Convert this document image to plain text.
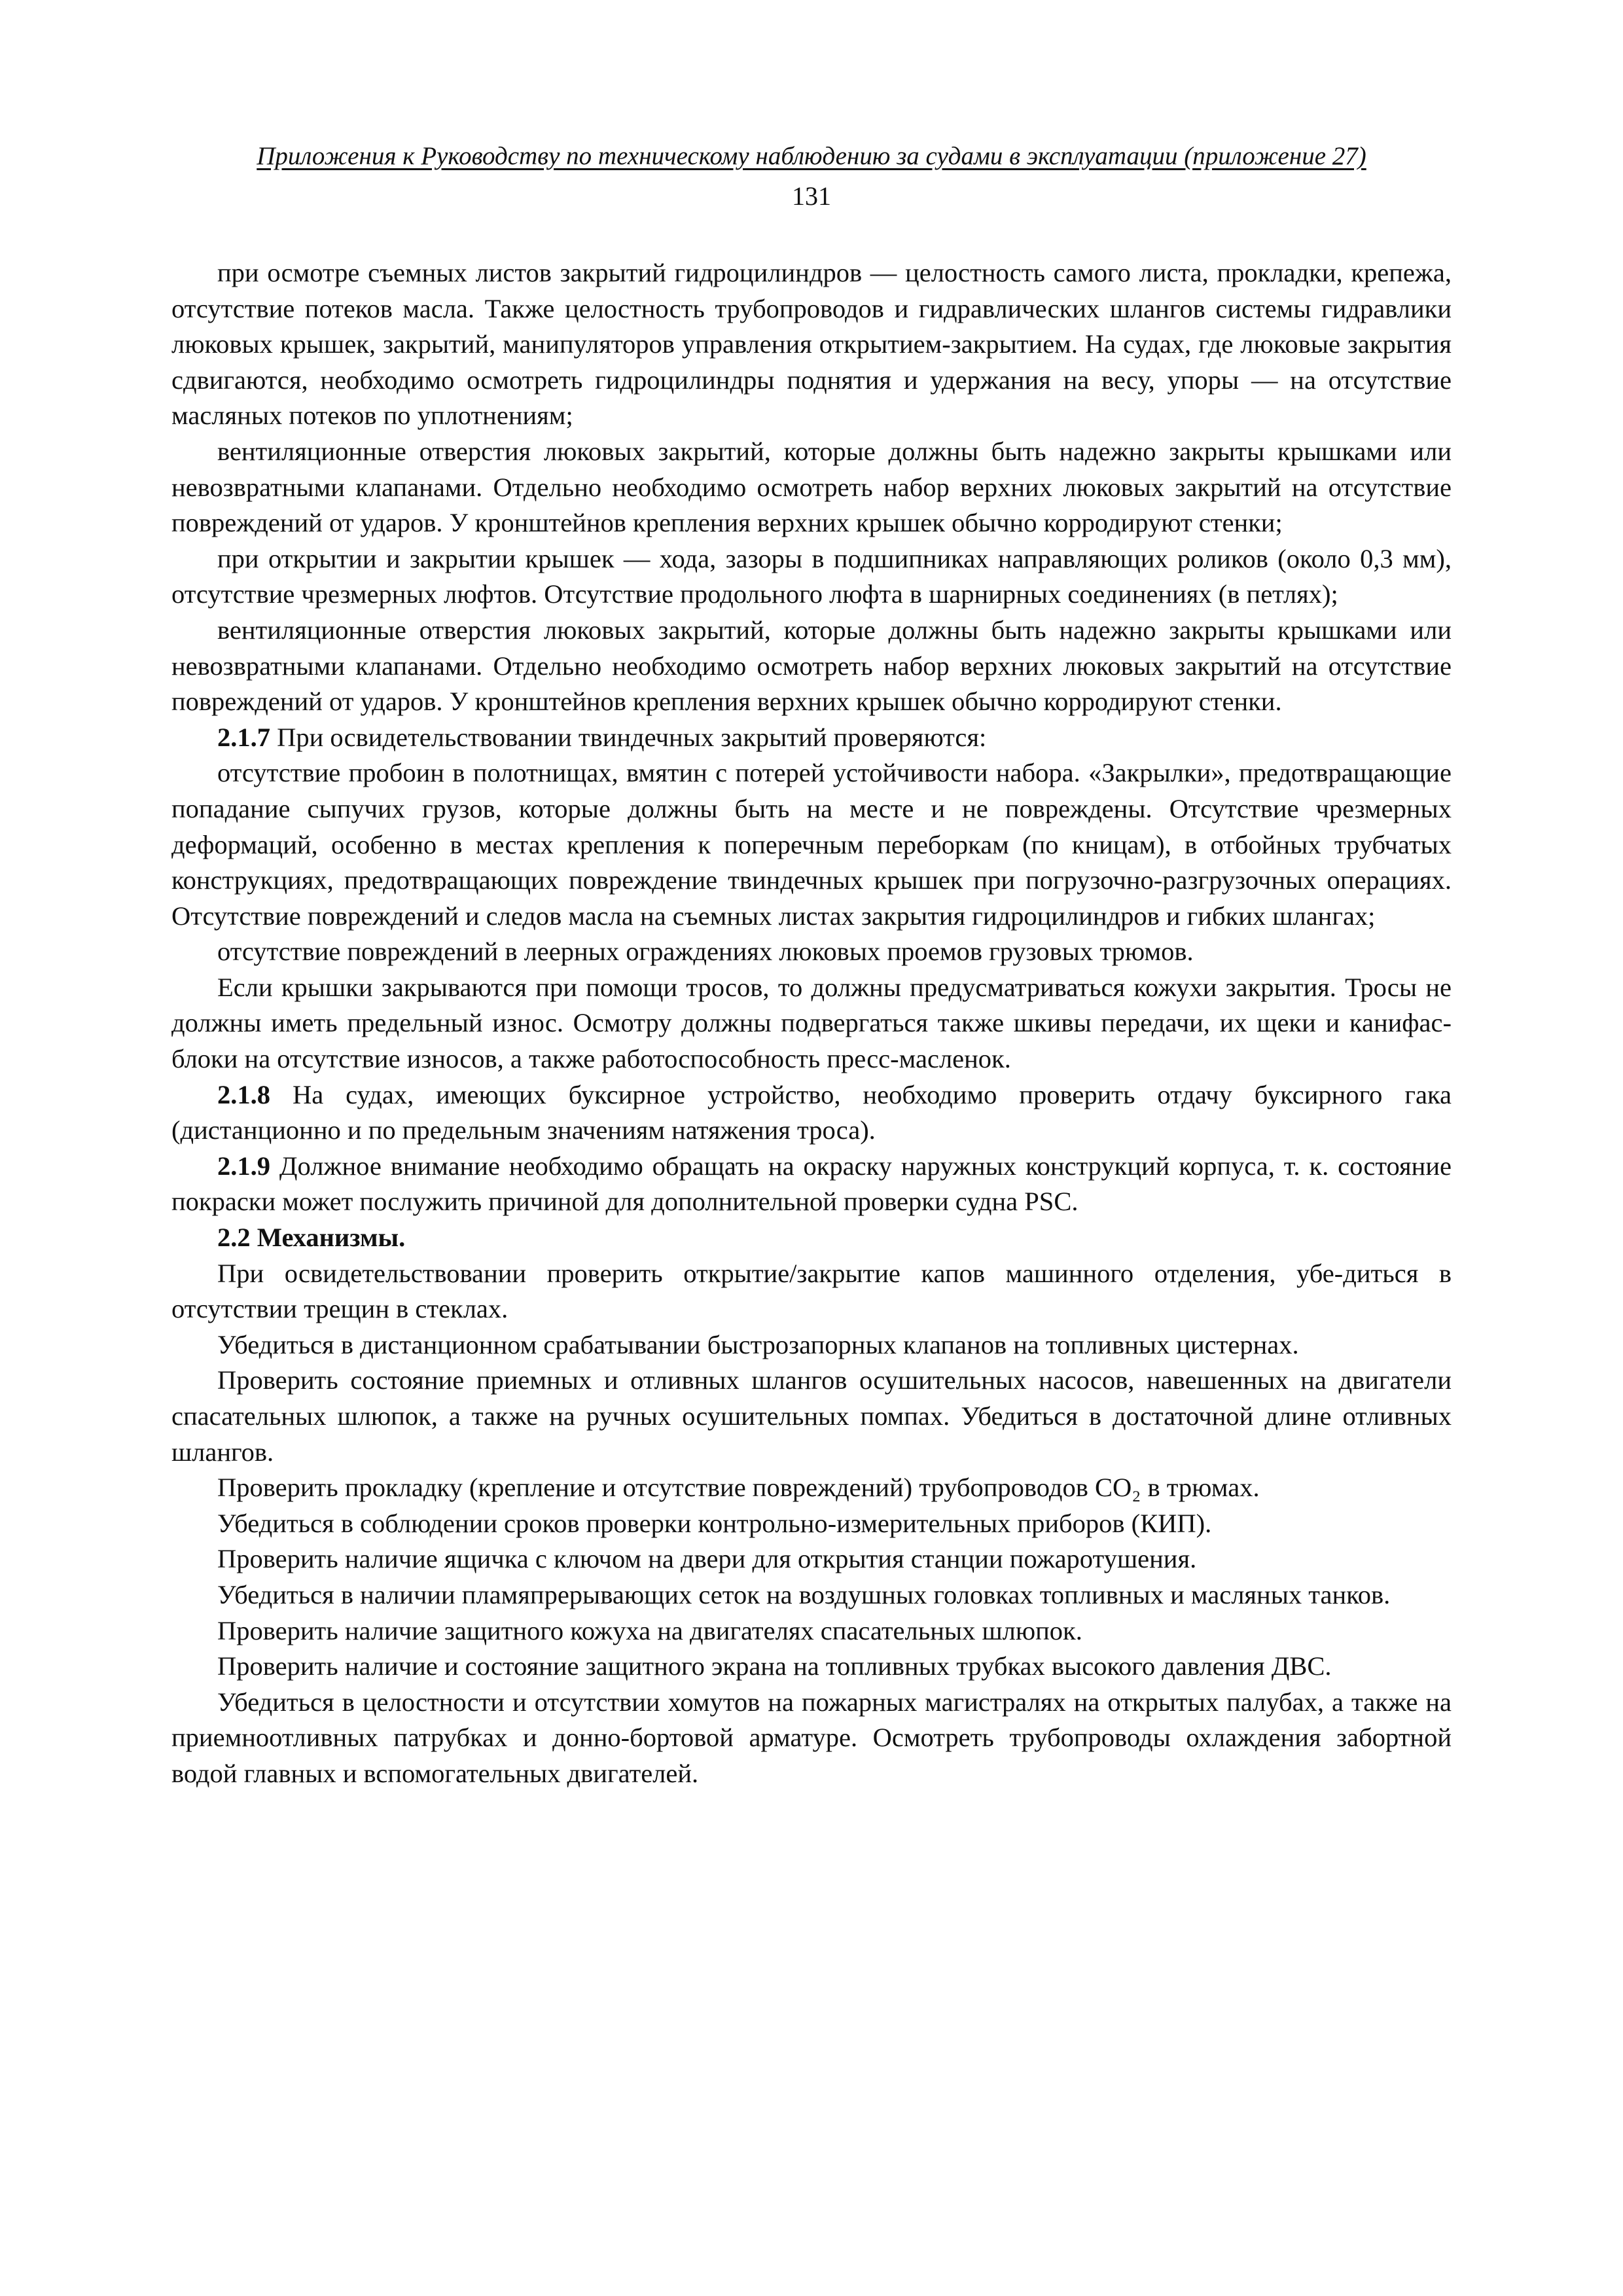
Приложения к Руководству по техническому наблюдению за судами в эксплуатации (приложение 27)
131

при осмотре съемных листов закрытий гидроцилиндров — целостность самого листа, прокладки, крепежа, отсутствие потеков масла. Также целостность трубопроводов и гидравлических шлангов системы гидравлики люковых крышек, закрытий, манипуляторов управления открытием-закрытием. На судах, где люковые закрытия сдвигаются, необходимо осмотреть гидроцилиндры поднятия и удержания на весу, упоры — на отсутствие масляных потеков по уплотнениям;

вентиляционные отверстия люковых закрытий, которые должны быть надежно закрыты крышками или невозвратными клапанами. Отдельно необходимо осмотреть набор верхних люковых закрытий на отсутствие повреждений от ударов. У кронштейнов крепления верхних крышек обычно корродируют стенки;

при открытии и закрытии крышек — хода, зазоры в подшипниках направляющих роликов (около 0,3 мм), отсутствие чрезмерных люфтов. Отсутствие продольного люфта в шарнирных соединениях (в петлях);

вентиляционные отверстия люковых закрытий, которые должны быть надежно закрыты крышками или невозвратными клапанами. Отдельно необходимо осмотреть набор верхних люковых закрытий на отсутствие повреждений от ударов. У кронштейнов крепления верхних крышек обычно корродируют стенки.

2.1.7 При освидетельствовании твиндечных закрытий проверяются:

отсутствие пробоин в полотнищах, вмятин с потерей устойчивости набора. «Закрылки», предотвращающие попадание сыпучих грузов, которые должны быть на месте и не повреждены. Отсутствие чрезмерных деформаций, особенно в местах крепления к поперечным переборкам (по кницам), в отбойных трубчатых конструкциях, предотвращающих повреждение твиндечных крышек при погрузочно-разгрузочных операциях. Отсутствие повреждений и следов масла на съемных листах закрытия гидроцилиндров и гибких шлангах;

отсутствие повреждений в леерных ограждениях люковых проемов грузовых трюмов.

Если крышки закрываются при помощи тросов, то должны предусматриваться кожухи закрытия. Тросы не должны иметь предельный износ. Осмотру должны подвергаться также шкивы передачи, их щеки и канифас-блоки на отсутствие износов, а также работоспособность пресс-масленок.

2.1.8 На судах, имеющих буксирное устройство, необходимо проверить отдачу буксирного гака (дистанционно и по предельным значениям натяжения троса).

2.1.9 Должное внимание необходимо обращать на окраску наружных конструкций корпуса, т. к. состояние покраски может послужить причиной для дополнительной проверки судна PSC.

2.2 Механизмы.

При освидетельствовании проверить открытие/закрытие капов машинного отделения, убе-диться в отсутствии трещин в стеклах.

Убедиться в дистанционном срабатывании быстрозапорных клапанов на топливных цистернах.

Проверить состояние приемных и отливных шлангов осушительных насосов, навешенных на двигатели спасательных шлюпок, а также на ручных осушительных помпах. Убедиться в достаточной длине отливных шлангов.

Проверить прокладку (крепление и отсутствие повреждений) трубопроводов CO₂ в трюмах.

Убедиться в соблюдении сроков проверки контрольно-измерительных приборов (КИП).

Проверить наличие ящичка с ключом на двери для открытия станции пожаротушения.

Убедиться в наличии пламяпрерывающих сеток на воздушных головках топливных и масляных танков.

Проверить наличие защитного кожуха на двигателях спасательных шлюпок.

Проверить наличие и состояние защитного экрана на топливных трубках высокого давления ДВС.

Убедиться в целостности и отсутствии хомутов на пожарных магистралях на открытых палубах, а также на приемноотливных патрубках и донно-бортовой арматуре. Осмотреть трубопроводы охлаждения забортной водой главных и вспомогательных двигателей.
